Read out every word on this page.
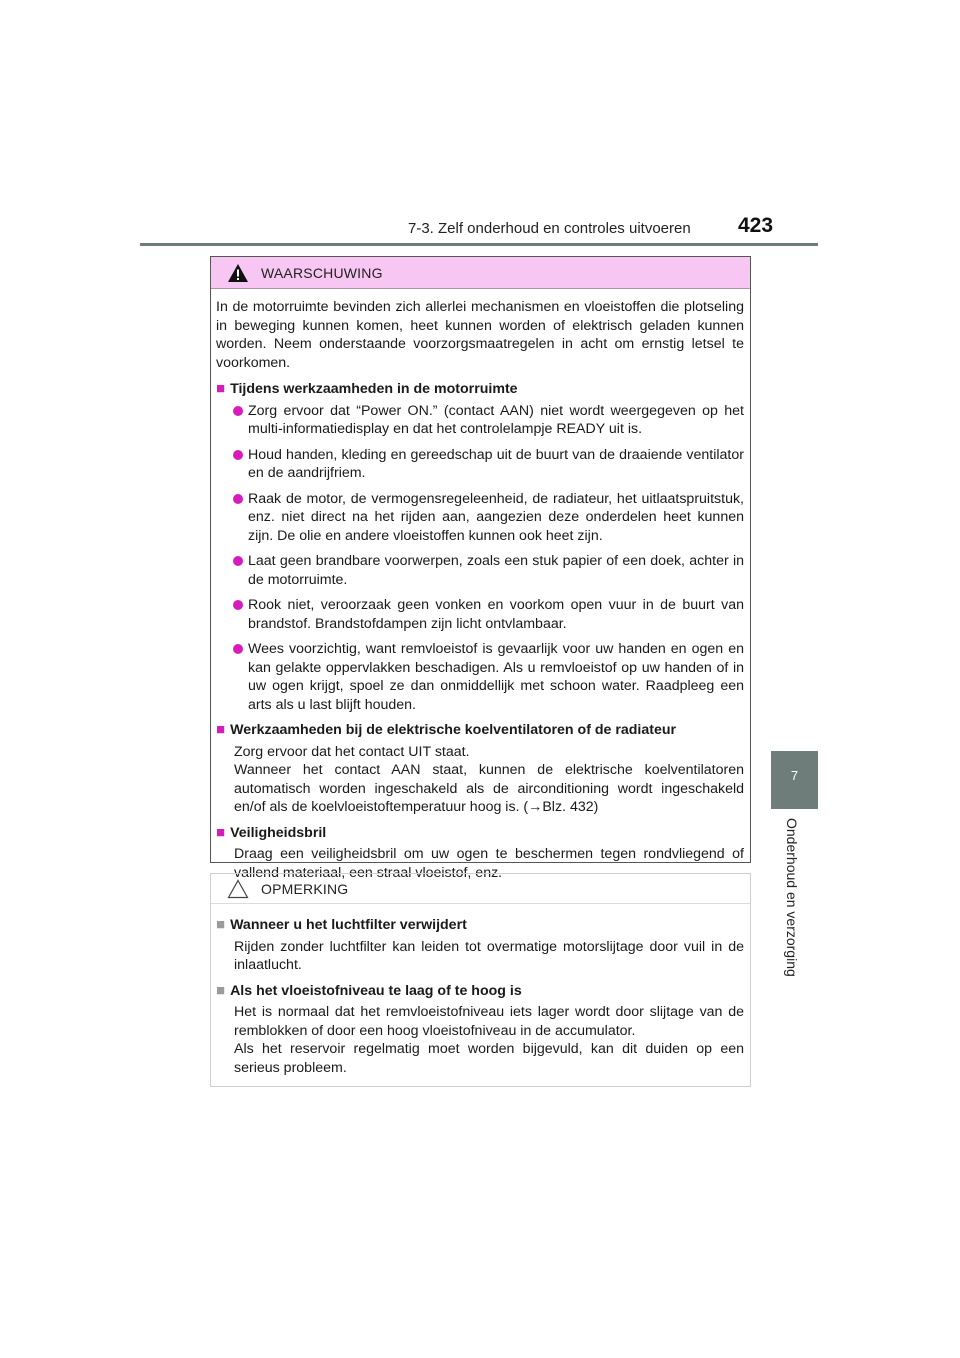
7-3. Zelf onderhoud en controles uitvoeren 423
7
Onderhoud en verzorging
WAARSCHUWING

In de motorruimte bevinden zich allerlei mechanismen en vloeistoffen die plotseling in beweging kunnen komen, heet kunnen worden of elektrisch geladen kunnen worden. Neem onderstaande voorzorgsmaatregelen in acht om ernstig letsel te voorkomen.

■ Tijdens werkzaamheden in de motorruimte
Zorg ervoor dat “Power ON.” (contact AAN) niet wordt weergegeven op het multi-informatiedisplay en dat het controlelampje READY uit is.
Houd handen, kleding en gereedschap uit de buurt van de draaiende ventilator en de aandrijfriem.
Raak de motor, de vermogensregeleenheid, de radiateur, het uitlaatspruitstuk, enz. niet direct na het rijden aan, aangezien deze onderdelen heet kunnen zijn. De olie en andere vloeistoffen kunnen ook heet zijn.
Laat geen brandbare voorwerpen, zoals een stuk papier of een doek, achter in de motorruimte.
Rook niet, veroorzaak geen vonken en voorkom open vuur in de buurt van brandstof. Brandstofdampen zijn licht ontvlambaar.
Wees voorzichtig, want remvloeistof is gevaarlijk voor uw handen en ogen en kan gelakte oppervlakken beschadigen. Als u remvloeistof op uw handen of in uw ogen krijgt, spoel ze dan onmiddellijk met schoon water. Raadpleeg een arts als u last blijft houden.
■ Werkzaamheden bij de elektrische koelventilatoren of de radiateur
Zorg ervoor dat het contact UIT staat.
Wanneer het contact AAN staat, kunnen de elektrische koelventilatoren automatisch worden ingeschakeld als de airconditioning wordt ingeschakeld en/of als de koelvloeistoftemperatuur hoog is. (→Blz. 432)
■ Veiligheidsbril
Draag een veiligheidsbril om uw ogen te beschermen tegen rondvliegend of vallend materiaal, een straal vloeistof, enz.
OPMERKING
■ Wanneer u het luchtfilter verwijdert
Rijden zonder luchtfilter kan leiden tot overmatige motorslijtage door vuil in de inlaatlucht.
■ Als het vloeistofniveau te laag of te hoog is
Het is normaal dat het remvloeistofniveau iets lager wordt door slijtage van de remblokken of door een hoog vloeistofniveau in de accumulator.
Als het reservoir regelmatig moet worden bijgevuld, kan dit duiden op een serieus probleem.
